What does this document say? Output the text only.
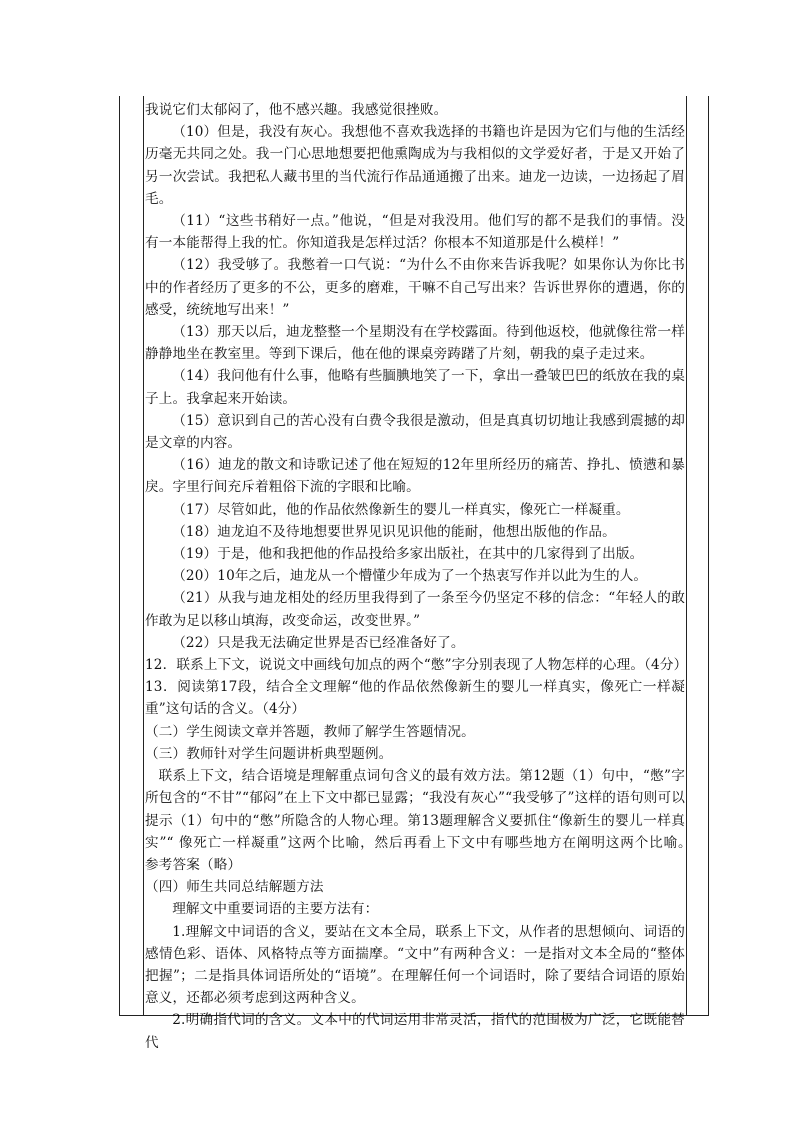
我说它们太郁闷了，他不感兴趣。我感觉很挫败。

（10）但是，我没有灰心。我想他不喜欢我选择的书籍也许是因为它们与他的生活经历毫无共同之处。我一门心思地想要把他熏陶成为与我相似的文学爱好者，于是又开始了另一次尝试。我把私人藏书里的当代流行作品通通搬了出来。迪龙一边读，一边扬起了眉毛。

（11）“这些书稍好一点。”他说，“但是对我没用。他们写的都不是我们的事情。没有一本能帮得上我的忙。你知道我是怎样过活？你根本不知道那是什么模样！”

（12）我受够了。我憋着一口气说：“为什么不由你来告诉我呢？如果你认为你比书中的作者经历了更多的不公，更多的磨难，干嘛不自己写出来？告诉世界你的遭遇，你的感受，统统地写出来！”

（13）那天以后，迪龙整整一个星期没有在学校露面。待到他返校，他就像往常一样静静地坐在教室里。等到下课后，他在他的课桌旁踌躇了片刻，朝我的桌子走过来。

（14）我问他有什么事，他略有些腼腆地笑了一下，拿出一叠皱巴巴的纸放在我的桌子上。我拿起来开始读。

（15）意识到自己的苦心没有白费令我很是激动，但是真真切切地让我感到震撼的却是文章的内容。

（16）迪龙的散文和诗歌记述了他在短短的12年里所经历的痛苦、挣扎、愤懑和暴戾。字里行间充斥着粗俗下流的字眼和比喻。

（17）尽管如此，他的作品依然像新生的婴儿一样真实，像死亡一样凝重。

（18）迪龙迫不及待地想要世界见识见识他的能耐，他想出版他的作品。

（19）于是，他和我把他的作品投给多家出版社，在其中的几家得到了出版。

（20）10年之后，迪龙从一个懵懂少年成为了一个热衷写作并以此为生的人。

（21）从我与迪龙相处的经历里我得到了一条至今仍坚定不移的信念：“年轻人的敢作敢为足以移山填海，改变命运，改变世界。”

（22）只是我无法确定世界是否已经准备好了。

12．联系上下文，说说文中画线句加点的两个“憋”字分别表现了人物怎样的心理。（4分）

13．阅读第17段，结合全文理解“他的作品依然像新生的婴儿一样真实，像死亡一样凝重”这句话的含义。（4分）

（二）学生阅读文章并答题，教师了解学生答题情况。

（三）教师针对学生问题讲析典型题例。

联系上下文，结合语境是理解重点词句含义的最有效方法。第12题（1）句中，“憋”字所包含的“不甘”“郁闷”在上下文中都已显露；“我没有灰心”“我受够了”这样的语句则可以提示（1）句中的“憋”所隐含的人物心理。第13题理解含义要抓住“像新生的婴儿一样真实”“ 像死亡一样凝重”这两个比喻，然后再看上下文中有哪些地方在阐明这两个比喻。　　参考答案（略）

（四）师生共同总结解题方法

理解文中重要词语的主要方法有：

1.理解文中词语的含义，要站在文本全局，联系上下文，从作者的思想倾向、词语的感情色彩、语体、风格特点等方面揣摩。“文中”有两种含义：一是指对文本全局的“整体把握”；二是指具体词语所处的“语境”。在理解任何一个词语时，除了要结合词语的原始意义，还都必须考虑到这两种含义。

2.明确指代词的含义。文本中的代词运用非常灵活，指代的范围极为广泛，它既能替代
